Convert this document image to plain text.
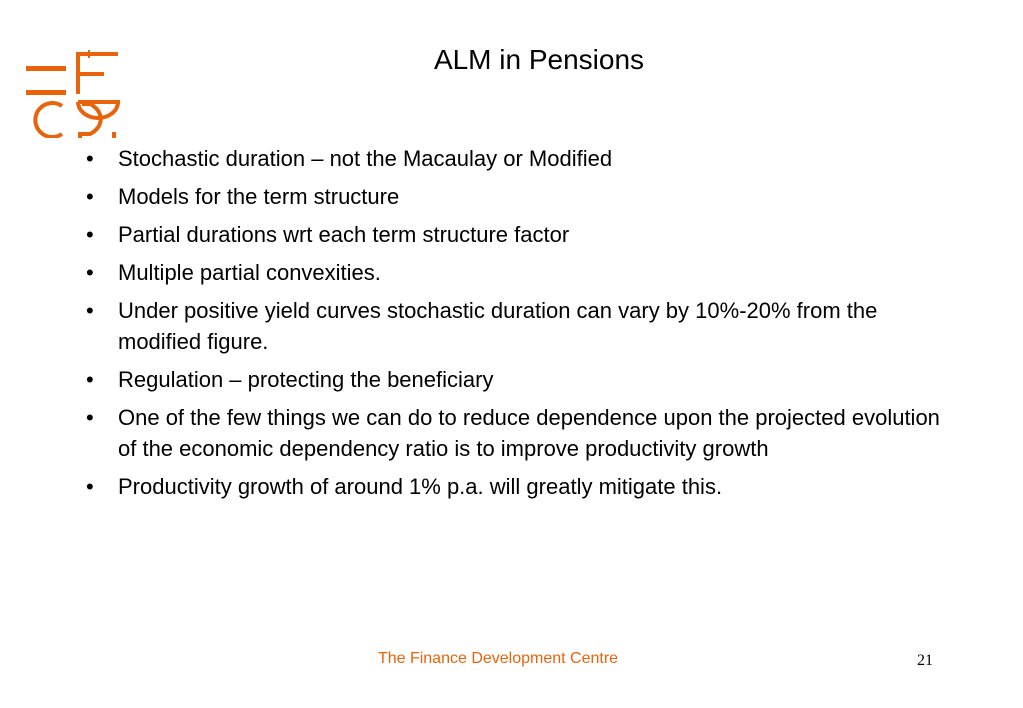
ALM in Pensions
• Stochastic duration – not the Macaulay or Modified
• Models for the term structure
• Partial durations wrt each term structure factor
• Multiple partial convexities.
• Under positive yield curves stochastic duration can vary by 10%-20% from the modified figure.
• Regulation – protecting the beneficiary
• One of the few things we can do to reduce dependence upon the projected evolution of the economic dependency ratio is to improve productivity growth
• Productivity growth of around 1% p.a. will greatly mitigate this.
The Finance Development Centre	21
